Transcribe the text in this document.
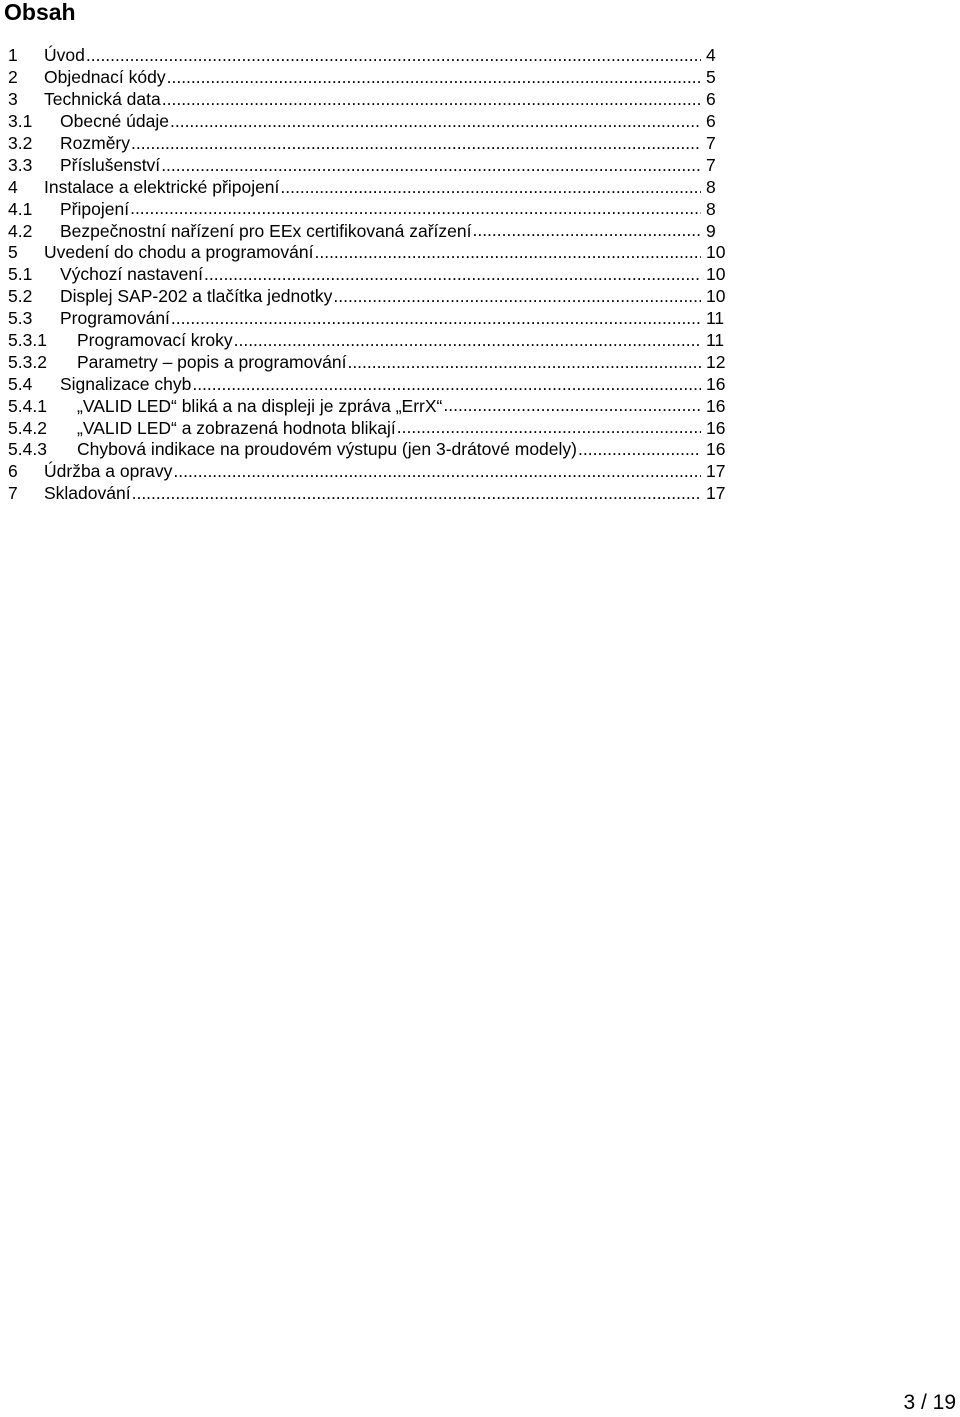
Obsah
1	Úvod .....	4
2	Objednací kódy .....	5
3	Technická data .....	6
3.1	Obecné údaje .....	6
3.2	Rozměry .....	7
3.3	Příslušenství .....	7
4	Instalace a elektrické připojení .....	8
4.1	Připojení .....	8
4.2	Bezpečnostní nařízení pro EEx certifikovaná zařízení .....	9
5	Uvedení do chodu a programování .....	10
5.1	Výchozí nastavení .....	10
5.2	Displej SAP-202 a tlačítka jednotky .....	10
5.3	Programování .....	11
5.3.1	Programovací kroky .....	11
5.3.2	Parametry – popis a programování .....	12
5.4	Signalizace chyb .....	16
5.4.1	„VALID LED“ bliká a na displeji je zpráva „ErrX“ .....	16
5.4.2	„VALID LED“ a zobrazená hodnota blikají .....	16
5.4.3	Chybová indikace na proudovém výstupu (jen 3-drátové modely) .....	16
6	Údržba a opravy .....	17
7	Skladování .....	17
3 / 19
